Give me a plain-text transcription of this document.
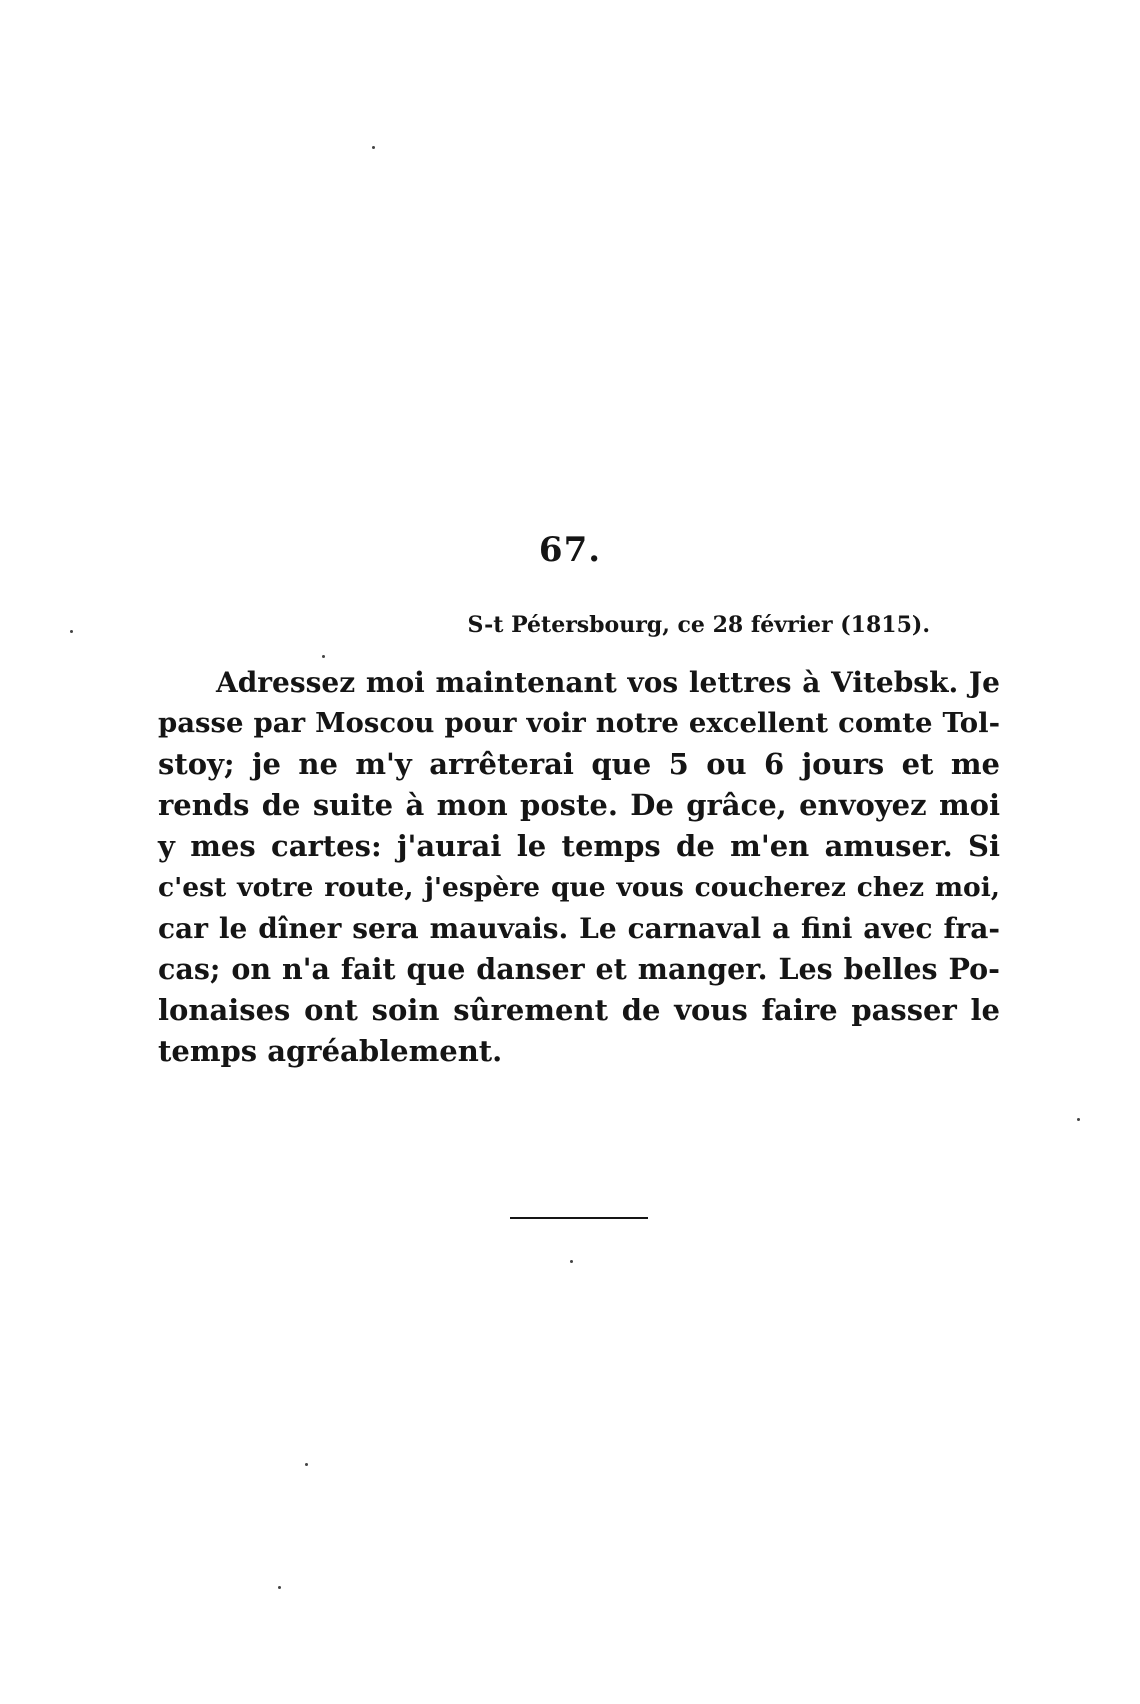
67.
S-t Pétersbourg, ce 28 février (1815).
Adressez moi maintenant vos lettres à Vitebsk. Je
passe par Moscou pour voir notre excellent comte Tol-
stoy; je ne m'y arrêterai que 5 ou 6 jours et me
rends de suite à mon poste. De grâce, envoyez moi
y mes cartes: j'aurai le temps de m'en amuser. Si
c'est votre route, j'espère que vous coucherez chez moi,
car le dîner sera mauvais. Le carnaval a fini avec fra-
cas; on n'a fait que danser et manger. Les belles Po-
lonaises ont soin sûrement de vous faire passer le
temps agréablement.
